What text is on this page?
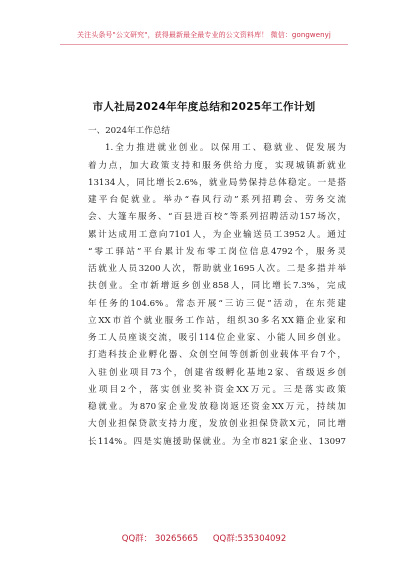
关注头条号"公文研究"，获得最新最全最专业的公文资料库！ 微信：gongwenyj
市人社局2024年年度总结和2025年工作计划
一、2024年工作总结
1.全力推进就业创业。以保用工、稳就业、促发展为
着力点，加大政策支持和服务供给力度，实现城镇新就业
13134人，同比增长2.6%，就业局势保持总体稳定。一是搭
建平台促就业。举办“春风行动”系列招聘会、劳务交流
会、大篷车服务、“百县进百校”等系列招聘活动157场次，
累计达成用工意向7101人，为企业输送员工3952人。通过
“零工驿站”平台累计发布零工岗位信息4792个，服务灵
活就业人员3200人次，帮助就业1695人次。二是多措并举
扶创业。全市新增返乡创业858人，同比增长7.3%，完成
年任务的104.6%。常态开展“三访三促”活动，在东莞建
立XX市首个就业服务工作站，组织30多名XX籍企业家和
务工人员座谈交流，吸引114位企业家、小能人回乡创业。
打造科技企业孵化器、众创空间等创新创业载体平台7个，
入驻创业项目73个，创建省级孵化基地2家、省级返乡创
业项目2个，落实创业奖补资金XX万元。三是落实政策
稳就业。为870家企业发放稳岗返还资金XX万元，持续加
大创业担保贷款支持力度，发放创业担保贷款X元，同比增
长114%。四是实施援助保就业。为全市821家企业、13097
QQ群： 30265665 QQ群:535304092
